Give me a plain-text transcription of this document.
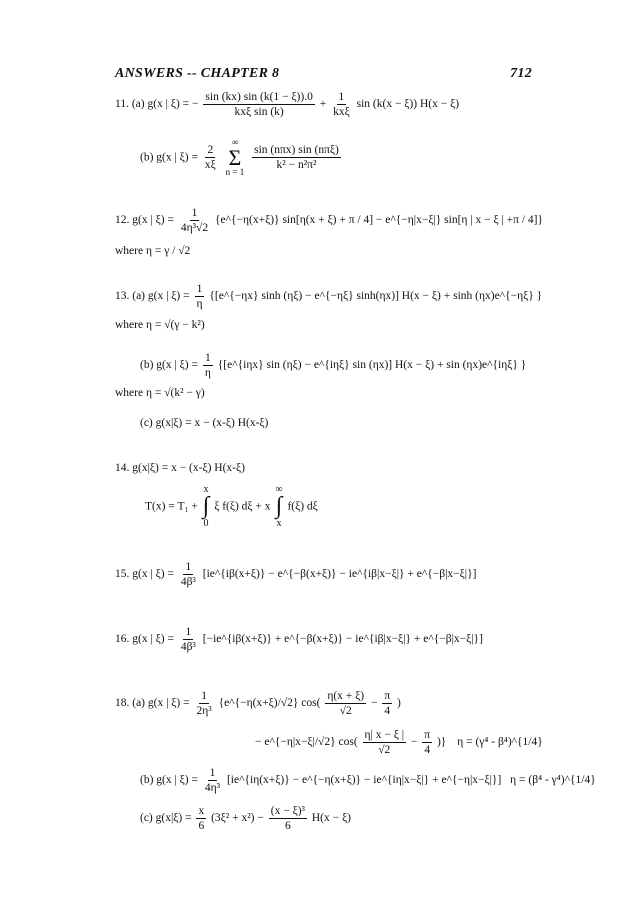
ANSWERS -- CHAPTER 8	712
11. (a) g(x | ξ) = − $\frac{\sin (kx) \sin (k(1 - \xi)).0}{\text{kxξ sin (k)}} + \frac{1}{\text{kxξ}}$ sin (k(x − ξ)) H(x − ξ)
(b) g(x | $\xi) = \frac{2}{x\xi}$

∞
Σ
n = 1

$\frac{\text{sin (nπx) sin (nπξ)}}{\text{k² − n²π²}}$
12. g(x | $\xi) = \frac{1}{\text{4η³√2}}$ {e^{−η(x+ξ)} sin[η(x + ξ) + π / 4] − e^{−η|x−ξ|} sin[η | x − ξ | +π / 4]}
where η = γ / √2
13. (a) g(x | $\xi) = \frac{1}{\eta}$ {[e^{−ηx} sinh (ηξ) − e^{−ηξ} sinh(ηx)] H(x − ξ) + sinh (ηx)e^{−ηξ} }
where η = √(γ − k²)
(b) g(x | $\xi) = \frac{1}{\eta}$ {[e^{iηx} sin (ηξ) − e^{iηξ} sin (ηx)] H(x − ξ) + sin (ηx)e^{iηξ} }
where η = √(k² − γ)
(c) g(x|ξ) = x − (x-ξ) H(x-ξ)
14. g(x|ξ) = x − (x-ξ) H(x-ξ)
T(x) = T₁ +
x
∫
0
ξ f(ξ) dξ + x
∞
∫
x
f(ξ) dξ
15. g(x | $\xi) = \frac{1}{\text{4β³}}$ [ie^{iβ(x+ξ)} − e^{−β(x+ξ)} − ie^{iβ|x−ξ|} + e^{−β|x−ξ|}]
16. g(x | $\xi) = \frac{1}{\text{4β³}}$ [−ie^{iβ(x+ξ)} + e^{−β(x+ξ)} − ie^{iβ|x−ξ|} + e^{−β|x−ξ|}]
18. (a) g(x | $\xi) = \frac{1}{\text{2η³}}$ {e^{−η(x+ξ)/√2} $\cos( \frac{\eta(x + \xi)}{√2} - \frac{\pi}{4}$ )
− e^{−η|x−ξ|/√2} $\cos( \frac{\eta| x - \xi |}{√2} - \frac{\pi}{4}$ )} η = (γ⁴ - β⁴)^{1/4}
(b) g(x | $\xi) = \frac{1}{\text{4η³}}$ [ie^{iη(x+ξ)} − e^{−η(x+ξ)} − ie^{iη|x−ξ|} + e^{−η|x−ξ|}] η = (β⁴ - γ⁴)^{1/4}
(c) $g(x|\xi) = \frac{x}{6} (3\xi^2 + x^2) - \frac{\text{(x − ξ)³}}{6} H(x - \xi)$
